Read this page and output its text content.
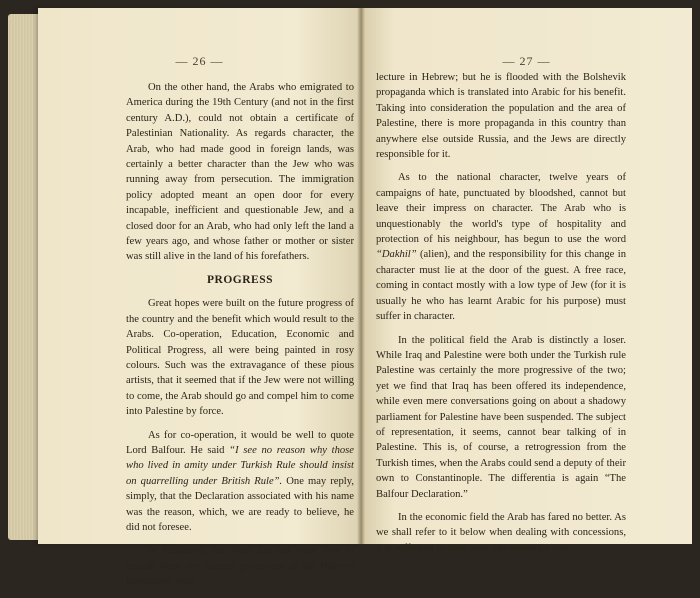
— 26 —

On the other hand, the Arabs who emigrated to America during the 19th Century (and not in the first century A.D.), could not obtain a certificate of Palestinian Nationality. As regards character, the Arab, who had made good in foreign lands, was certainly a better character than the Jew who was running away from persecution. The immigration policy adopted meant an open door for every incapable, inefficient and questionable Jew, and a closed door for an Arab, who had only left the land a few years ago, and whose father or mother or sister was still alive in the land of his forefathers.

PROGRESS

Great hopes were built on the future progress of the country and the benefit which would result to the Arabs. Co-operation, Education, Economic and Political Progress, all were being painted in rosy colours. Such was the extravagance of these pious artists, that it seemed that if the Jew were not willing to come, the Arab should go and compel him to come into Palestine by force.

As for co-operation, it would be well to quote Lord Balfour. He said “I see no reason why those who lived in amity under Turkish Rule should insist on quarrelling under British Rule”. One may reply, simply, that the Declaration associated with his name was the reason, which, we are ready to believe, he did not foresee.

In education, the Arab has not been able to benefit from the learned professors of the Hebrew University, who

— 27 —

lecture in Hebrew; but he is flooded with the Bolshevik propaganda which is translated into Arabic for his benefit. Taking into consideration the population and the area of Palestine, there is more propaganda in this country than anywhere else outside Russia, and the Jews are directly responsible for it.

As to the national character, twelve years of campaigns of hate, punctuated by bloodshed, cannot but leave their impress on character. The Arab who is unquestionably the world's type of hospitality and protection of his neighbour, has begun to use the word “Dakhil” (alien), and the responsibility for this change in character must lie at the door of the guest. A free race, coming in contact mostly with a low type of Jew (for it is usually he who has learnt Arabic for his purpose) must suffer in character.

In the political field the Arab is distinctly a loser. While Iraq and Palestine were both under the Turkish rule Palestine was certainly the more progressive of the two; yet we find that Iraq has been offered its independence, while even mere conversations going on about a shadowy parliament for Palestine have been suspended. The subject of representation, it seems, cannot bear talking of in Palestine. This is, of course, a retrogression from the Turkish times, when the Arabs could send a deputy of their own to Constantinople. The differentia is again “The Balfour Declaration.”

In the economic field the Arab has fared no better. As we shall refer to it below when dealing with concessions, it is sufficient to state here that where the two
